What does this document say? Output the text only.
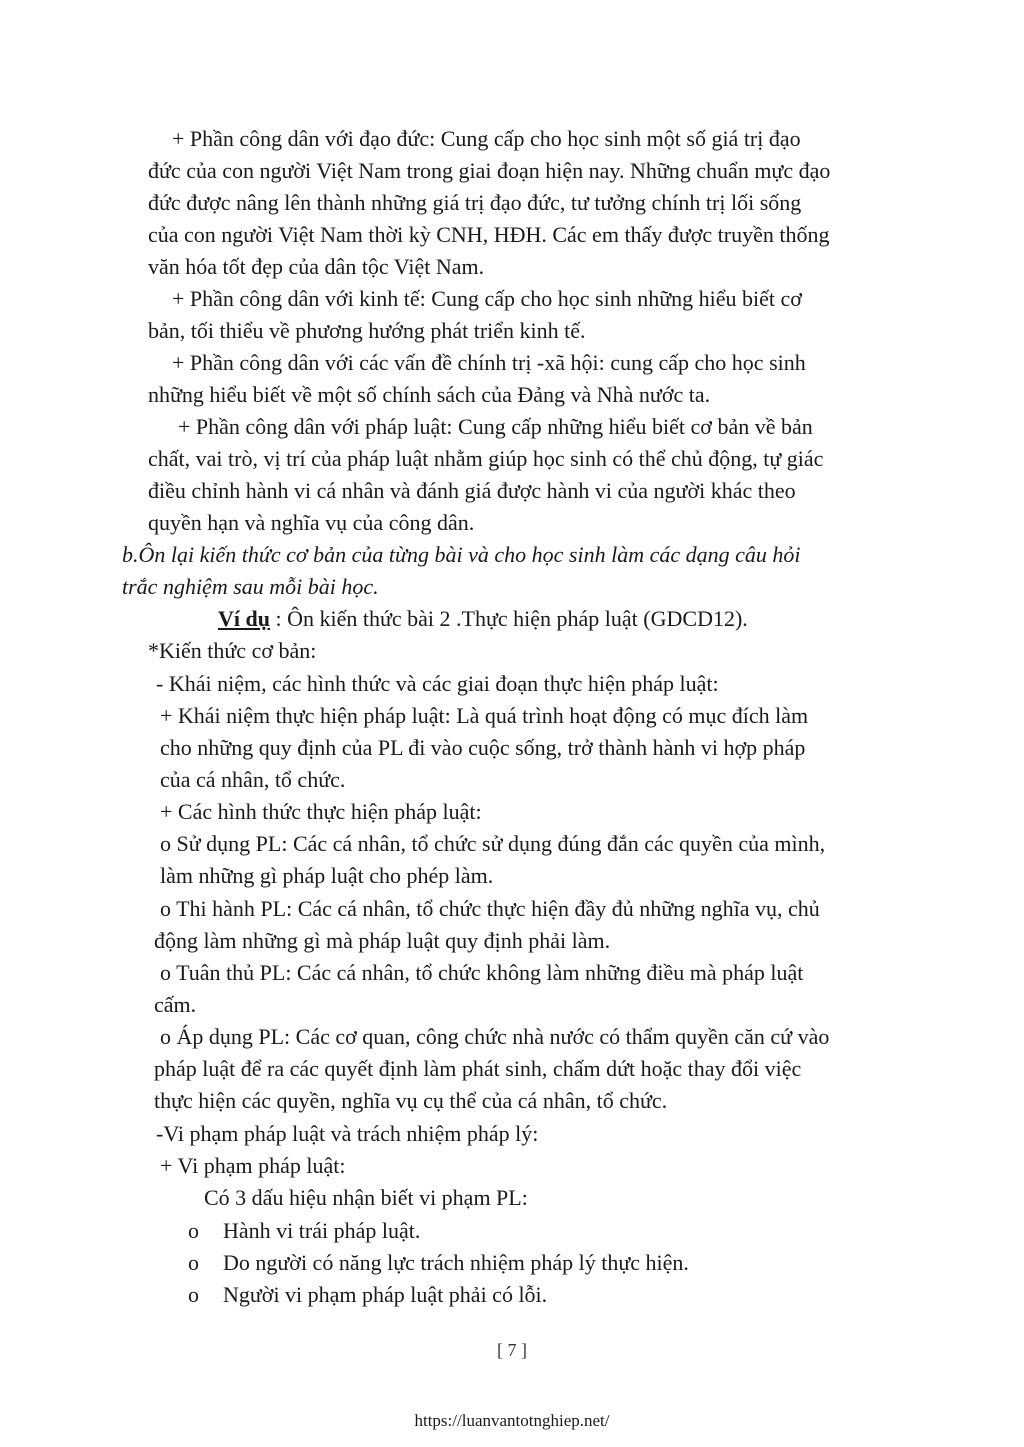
+ Phần công dân với đạo đức: Cung cấp cho học sinh một số giá trị đạo
đức của con người Việt Nam trong giai đoạn hiện nay. Những chuẩn mực đạo
đức được nâng lên thành những giá trị đạo đức, tư tưởng chính trị lối sống
của con người Việt Nam thời kỳ CNH, HĐH. Các em thấy được truyền thống
văn hóa tốt đẹp của dân tộc Việt Nam.
+ Phần công dân với kinh tế: Cung cấp cho học sinh những hiểu biết cơ
bản, tối thiểu về phương hướng phát triển kinh tế.
+ Phần công dân với các vấn đề chính trị -xã hội: cung cấp cho học sinh
những hiểu biết về một số chính sách của Đảng và Nhà nước ta.
+ Phần công dân với pháp luật: Cung cấp những hiểu biết cơ bản về bản
chất, vai trò, vị trí của pháp luật nhằm giúp học sinh có thể chủ động, tự giác
điều chỉnh hành vi cá nhân và đánh giá được hành vi của người khác theo
quyền hạn và nghĩa vụ của công dân.
b.Ôn lại kiến thức cơ bản của từng bài và cho học sinh làm các dạng câu hỏi
trắc nghiệm sau mỗi bài học.
Ví dụ : Ôn kiến thức bài 2 .Thực hiện pháp luật (GDCD12).
*Kiến thức cơ bản:
- Khái niệm, các hình thức và các giai đoạn thực hiện pháp luật:
+ Khái niệm thực hiện pháp luật: Là quá trình hoạt động có mục đích làm
cho những quy định của PL đi vào cuộc sống, trở thành hành vi hợp pháp
của cá nhân, tổ chức.
+ Các hình thức thực hiện pháp luật:
o Sử dụng PL: Các cá nhân, tổ chức sử dụng đúng đắn các quyền của mình,
làm những gì pháp luật cho phép làm.
o Thi hành PL: Các cá nhân, tổ chức thực hiện đầy đủ những nghĩa vụ, chủ
động làm những gì mà pháp luật quy định phải làm.
o Tuân thủ PL: Các cá nhân, tổ chức không làm những điều mà pháp luật
cấm.
o Áp dụng PL: Các cơ quan, công chức nhà nước có thẩm quyền căn cứ vào
pháp luật để ra các quyết định làm phát sinh, chấm dứt hoặc thay đổi việc
thực hiện các quyền, nghĩa vụ cụ thể của cá nhân, tổ chức.
-Vi phạm pháp luật và trách nhiệm pháp lý:
+ Vi phạm pháp luật:
Có 3 dấu hiệu nhận biết vi phạm PL:
o Hành vi trái pháp luật.
o Do người có năng lực trách nhiệm pháp lý thực hiện.
o Người vi phạm pháp luật phải có lỗi.
[ 7 ]
https://luanvantotnghiep.net/
